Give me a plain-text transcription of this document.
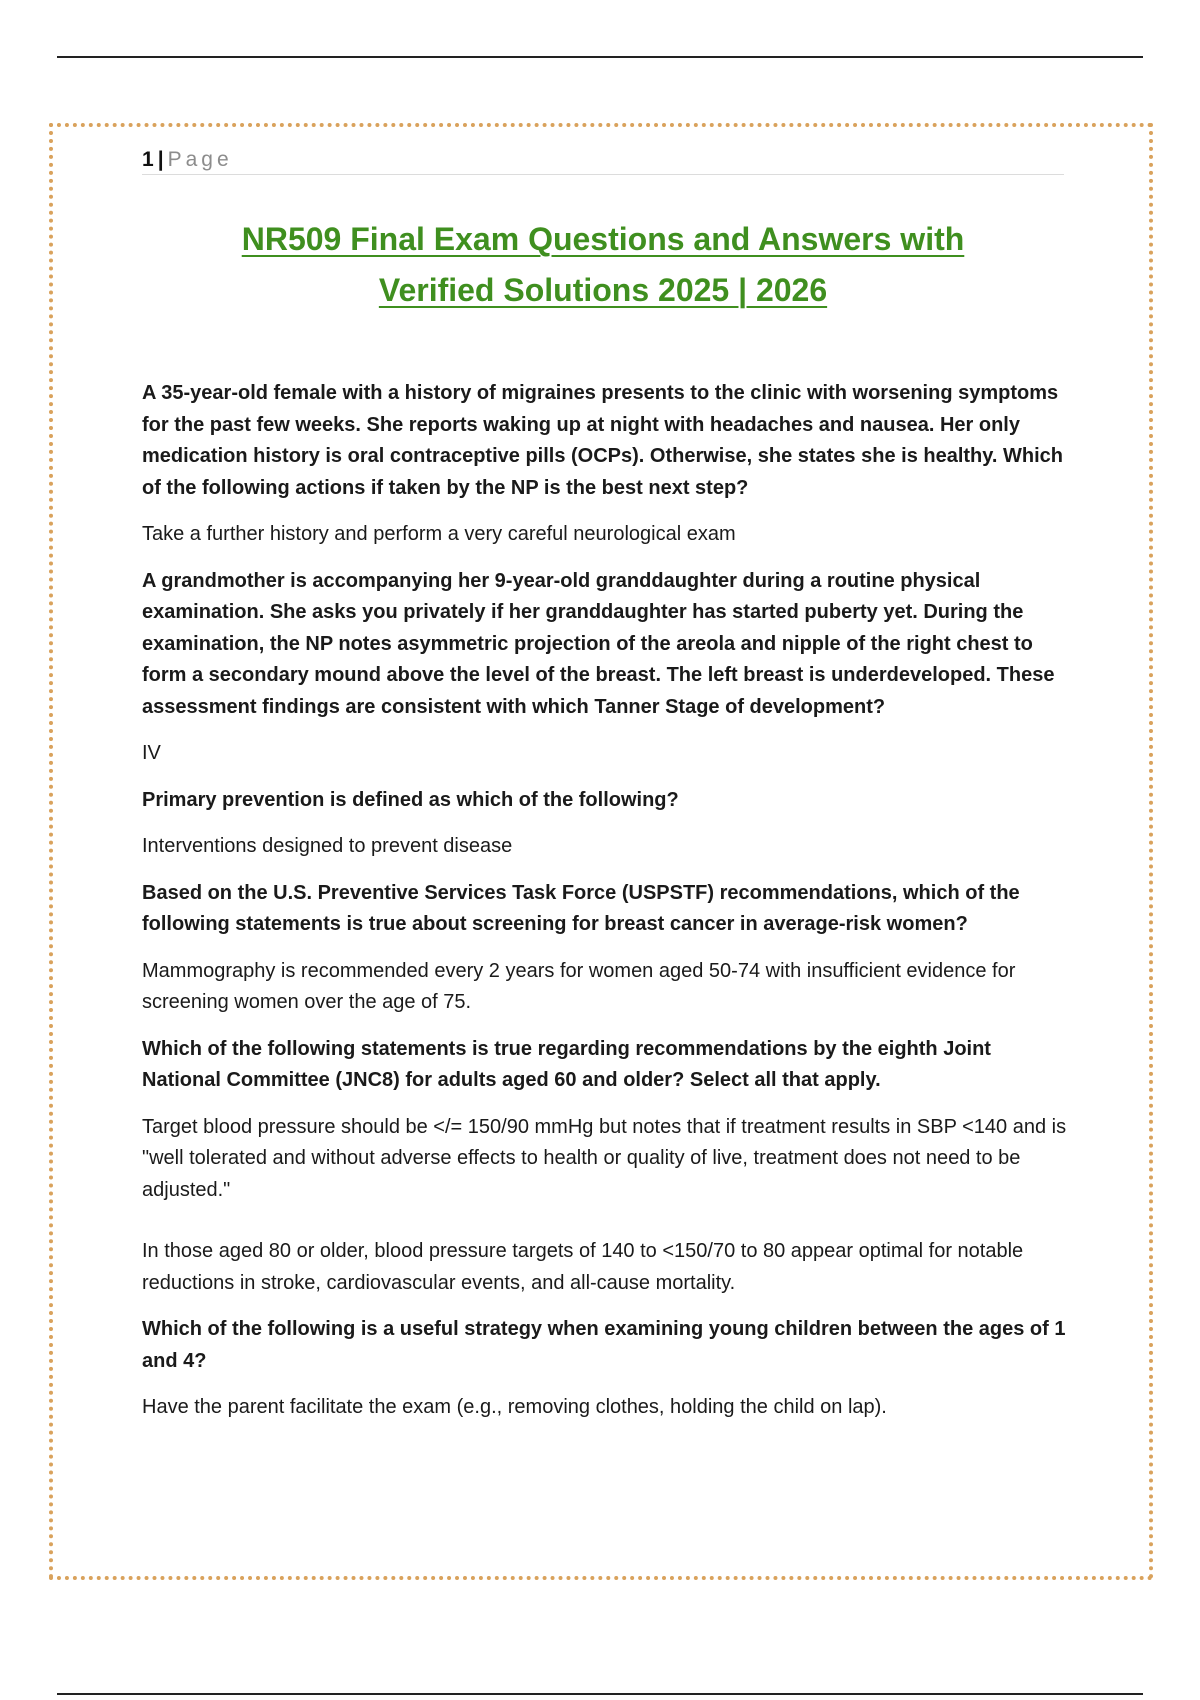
1 | Page
NR509 Final Exam Questions and Answers with
Verified Solutions 2025 | 2026

A 35-year-old female with a history of migraines presents to the clinic with worsening symptoms for the past few weeks. She reports waking up at night with headaches and nausea. Her only medication history is oral contraceptive pills (OCPs). Otherwise, she states she is healthy. Which of the following actions if taken by the NP is the best next step?

Take a further history and perform a very careful neurological exam

A grandmother is accompanying her 9-year-old granddaughter during a routine physical examination. She asks you privately if her granddaughter has started puberty yet. During the examination, the NP notes asymmetric projection of the areola and nipple of the right chest to form a secondary mound above the level of the breast. The left breast is underdeveloped. These assessment findings are consistent with which Tanner Stage of development?

IV

Primary prevention is defined as which of the following?

Interventions designed to prevent disease

Based on the U.S. Preventive Services Task Force (USPSTF) recommendations, which of the following statements is true about screening for breast cancer in average-risk women?

Mammography is recommended every 2 years for women aged 50-74 with insufficient evidence for screening women over the age of 75.

Which of the following statements is true regarding recommendations by the eighth Joint National Committee (JNC8) for adults aged 60 and older? Select all that apply.

Target blood pressure should be </= 150/90 mmHg but notes that if treatment results in SBP <140 and is "well tolerated and without adverse effects to health or quality of live, treatment does not need to be adjusted."

In those aged 80 or older, blood pressure targets of 140 to <150/70 to 80 appear optimal for notable reductions in stroke, cardiovascular events, and all-cause mortality.

Which of the following is a useful strategy when examining young children between the ages of 1 and 4?

Have the parent facilitate the exam (e.g., removing clothes, holding the child on lap).
